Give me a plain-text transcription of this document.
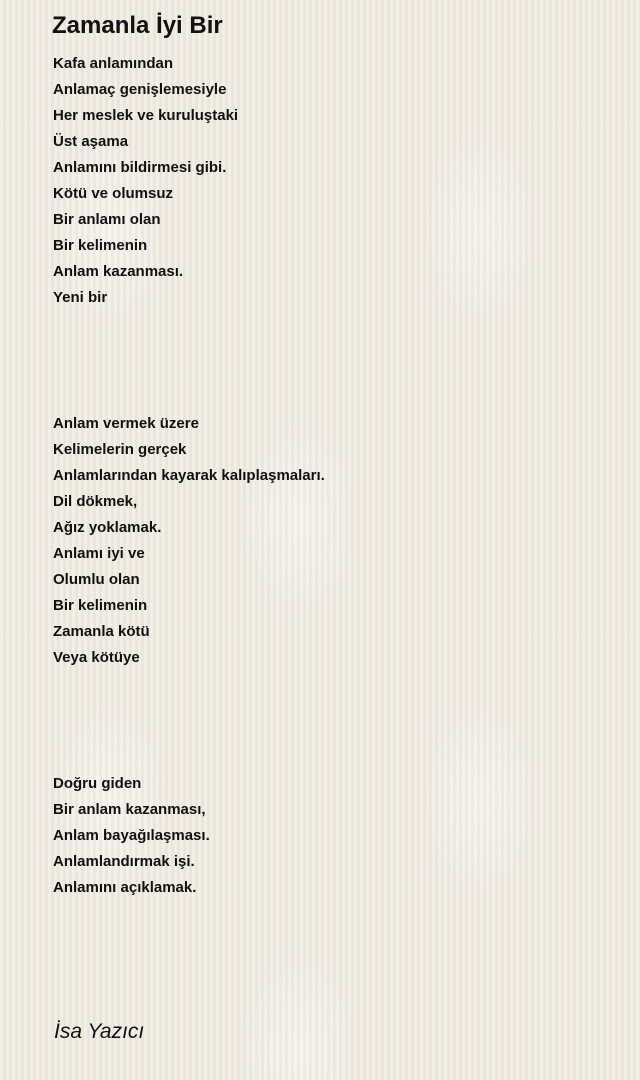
Zamanla İyi Bir
Kafa anlamından
Anlamaç genişlemesiyle
Her meslek ve kuruluştaki
Üst aşama
Anlamını bildirmesi gibi.
Kötü ve olumsuz
Bir anlamı olan
Bir kelimenin
Anlam kazanması.
Yeni bir
Anlam vermek üzere
Kelimelerin gerçek
Anlamlarından kayarak kalıplaşmaları.
Dil dökmek,
Ağız yoklamak.
Anlamı iyi ve
Olumlu olan
Bir kelimenin
Zamanla kötü
Veya kötüye
Doğru giden
Bir anlam kazanması,
Anlam bayağılaşması.
Anlamlandırmak işi.
Anlamını açıklamak.
İsa Yazıcı
